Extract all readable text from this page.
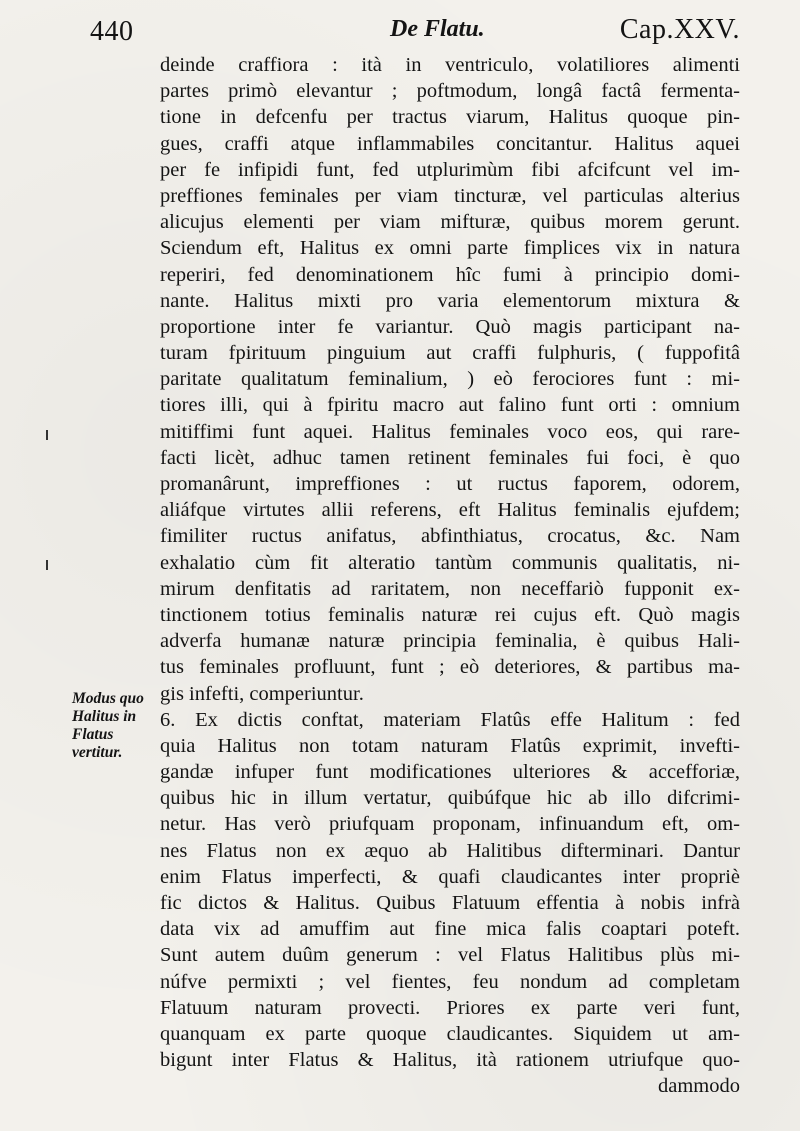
440	De Flatu.	Cap.XXV.
Modus quo
Halitus in
Flatus
vertitur.
deinde craffiora : ità in ventriculo, volatiliores alimenti
partes primò elevantur ; poftmodum, longâ factâ fermenta-
tione in defcenfu per tractus viarum, Halitus quoque pin-
gues, craffi atque inflammabiles concitantur. Halitus aquei
per fe infipidi funt, fed utplurimùm fibi afcifcunt vel im-
preffiones feminales per viam tincturæ, vel particulas alterius
alicujus elementi per viam mifturæ, quibus morem gerunt.
Sciendum eft, Halitus ex omni parte fimplices vix in natura
reperiri, fed denominationem hîc fumi à principio domi-
nante. Halitus mixti pro varia elementorum mixtura &
proportione inter fe variantur. Quò magis participant na-
turam fpirituum pinguium aut craffi fulphuris, ( fuppofitâ
paritate qualitatum feminalium, ) eò ferociores funt : mi-
tiores illi, qui à fpiritu macro aut falino funt orti : omnium
mitiffimi funt aquei. Halitus feminales voco eos, qui rare-
facti licèt, adhuc tamen retinent feminales fui foci, è quo
promanârunt, impreffiones : ut ructus faporem, odorem,
aliáfque virtutes allii referens, eft Halitus feminalis ejufdem;
fimiliter ructus anifatus, abfinthiatus, crocatus, &c. Nam
exhalatio cùm fit alteratio tantùm communis qualitatis, ni-
mirum denfitatis ad raritatem, non neceffariò fupponit ex-
tinctionem totius feminalis naturæ rei cujus eft. Quò magis
adverfa humanæ naturæ principia feminalia, è quibus Hali-
tus feminales profluunt, funt ; eò deteriores, & partibus ma-
gis infefti, comperiuntur.
6. Ex dictis conftat, materiam Flatûs effe Halitum : fed
quia Halitus non totam naturam Flatûs exprimit, invefti-
gandæ infuper funt modificationes ulteriores & accefforiæ,
quibus hic in illum vertatur, quibúfque hic ab illo difcrimi-
netur. Has verò priufquam proponam, infinuandum eft, om-
nes Flatus non ex æquo ab Halitibus difterminari. Dantur
enim Flatus imperfecti, & quafi claudicantes inter propriè
fic dictos & Halitus. Quibus Flatuum effentia à nobis infrà
data vix ad amuffim aut fine mica falis coaptari poteft.
Sunt autem duûm generum : vel Flatus Halitibus plùs mi-
núfve permixti ; vel fientes, feu nondum ad completam
Flatuum naturam provecti. Priores ex parte veri funt,
quanquam ex parte quoque claudicantes. Siquidem ut am-
bigunt inter Flatus & Halitus, ità rationem utriufque quo-
dammodo
